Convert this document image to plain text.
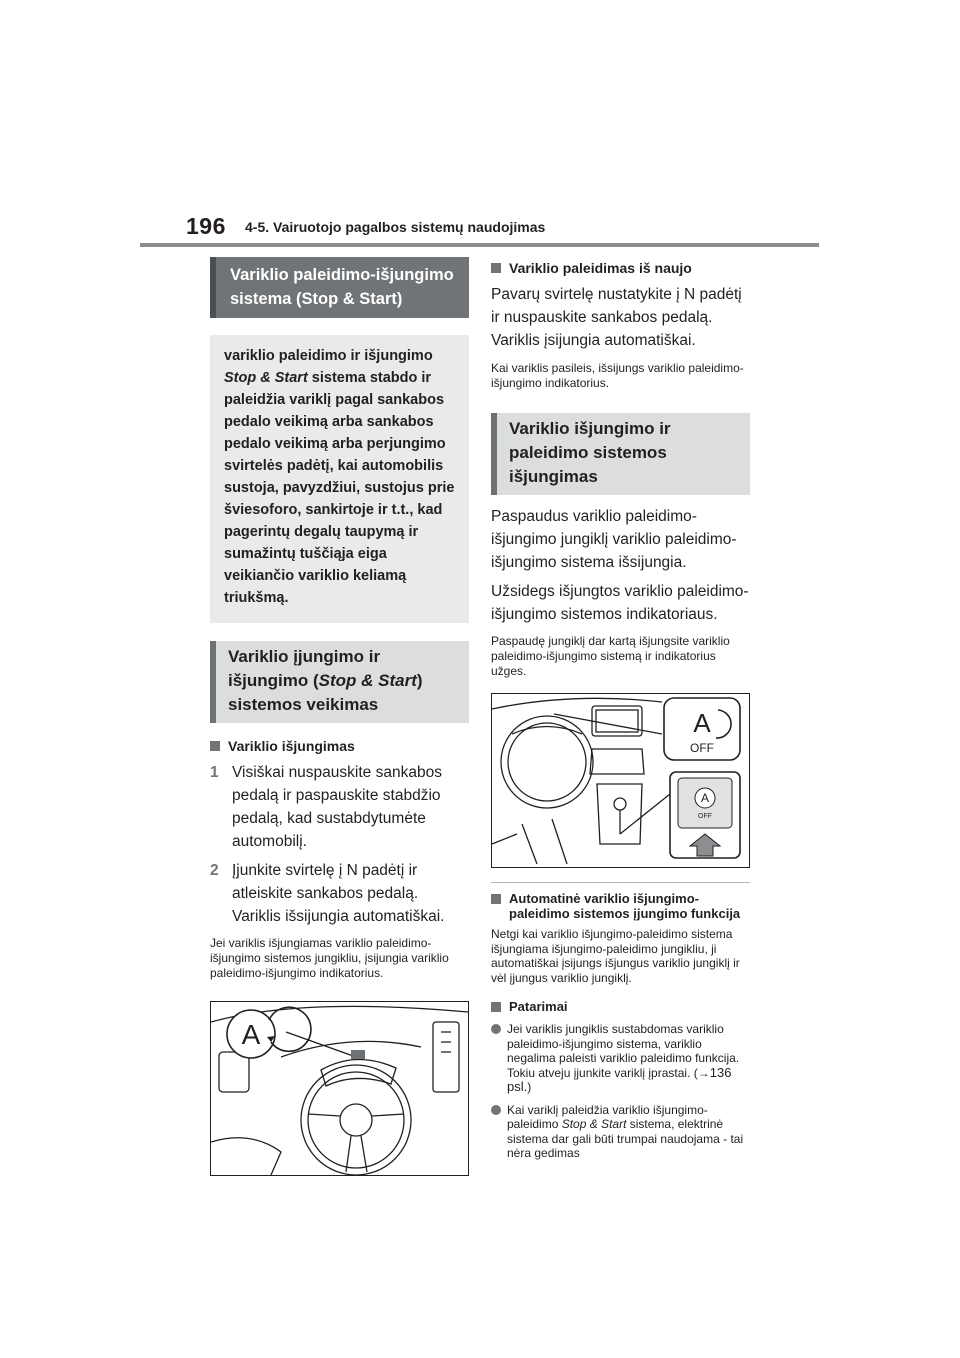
196 4-5. Vairuotojo pagalbos sistemų naudojimas
Variklio paleidimo-išjungimo sistema (Stop & Start)
variklio paleidimo ir išjungimo Stop & Start sistema stabdo ir paleidžia variklį pagal sankabos pedalo veikimą arba sankabos pedalo veikimą arba perjungimo svirtelės padėtį, kai automobilis sustoja, pavyzdžiui, sustojus prie šviesoforo, sankirtoje ir t.t., kad pagerintų degalų taupymą ir sumažintų tuščiąja eiga veikiančio variklio keliamą triukšmą.
Variklio įjungimo ir išjungimo (Stop & Start) sistemos veikimas
Variklio išjungimas
1 Visiškai nuspauskite sankabos pedalą ir paspauskite stabdžio pedalą, kad sustabdytumėte automobilį.
2 Įjunkite svirtelę į N padėtį ir atleiskite sankabos pedalą. Variklis išsijungia automatiškai.
Jei variklis išjungiamas variklio paleidimo-išjungimo sistemos jungikliu, įsijungia variklio paleidimo-išjungimo indikatorius.
A
Variklio paleidimas iš naujo
Pavarų svirtelę nustatykite į N padėtį ir nuspauskite sankabos pedalą. Variklis įsijungia automatiškai.
Kai variklis pasileis, išsijungs variklio paleidimo-išjungimo indikatorius.
Variklio išjungimo ir paleidimo sistemos išjungimas
Paspaudus variklio paleidimo-išjungimo jungiklį variklio paleidimo-išjungimo sistema išsijungia.
Užsidegs išjungtos variklio paleidimo-išjungimo sistemos indikatoriaus.
Paspaudę jungiklį dar kartą išjungsite variklio paleidimo-išjungimo sistemą ir indikatorius užges.
A
OFF
A
OFF
Automatinė variklio išjungimo-paleidimo sistemos įjungimo funkcija
Netgi kai variklio išjungimo-paleidimo sistema išjungiama išjungimo-paleidimo jungikliu, ji automatiškai įsijungs išjungus variklio jungiklį ir vėl įjungus variklio jungiklį.
Patarimai
Jei variklis jungiklis sustabdomas variklio paleidimo-išjungimo sistema, variklio negalima paleisti variklio paleidimo funkcija. Tokiu atveju įjunkite variklį įprastai. (→136 psl.)
Kai variklį paleidžia variklio išjungimo-paleidimo Stop & Start sistema, elektrinė sistema dar gali būti trumpai naudojama - tai nėra gedimas
